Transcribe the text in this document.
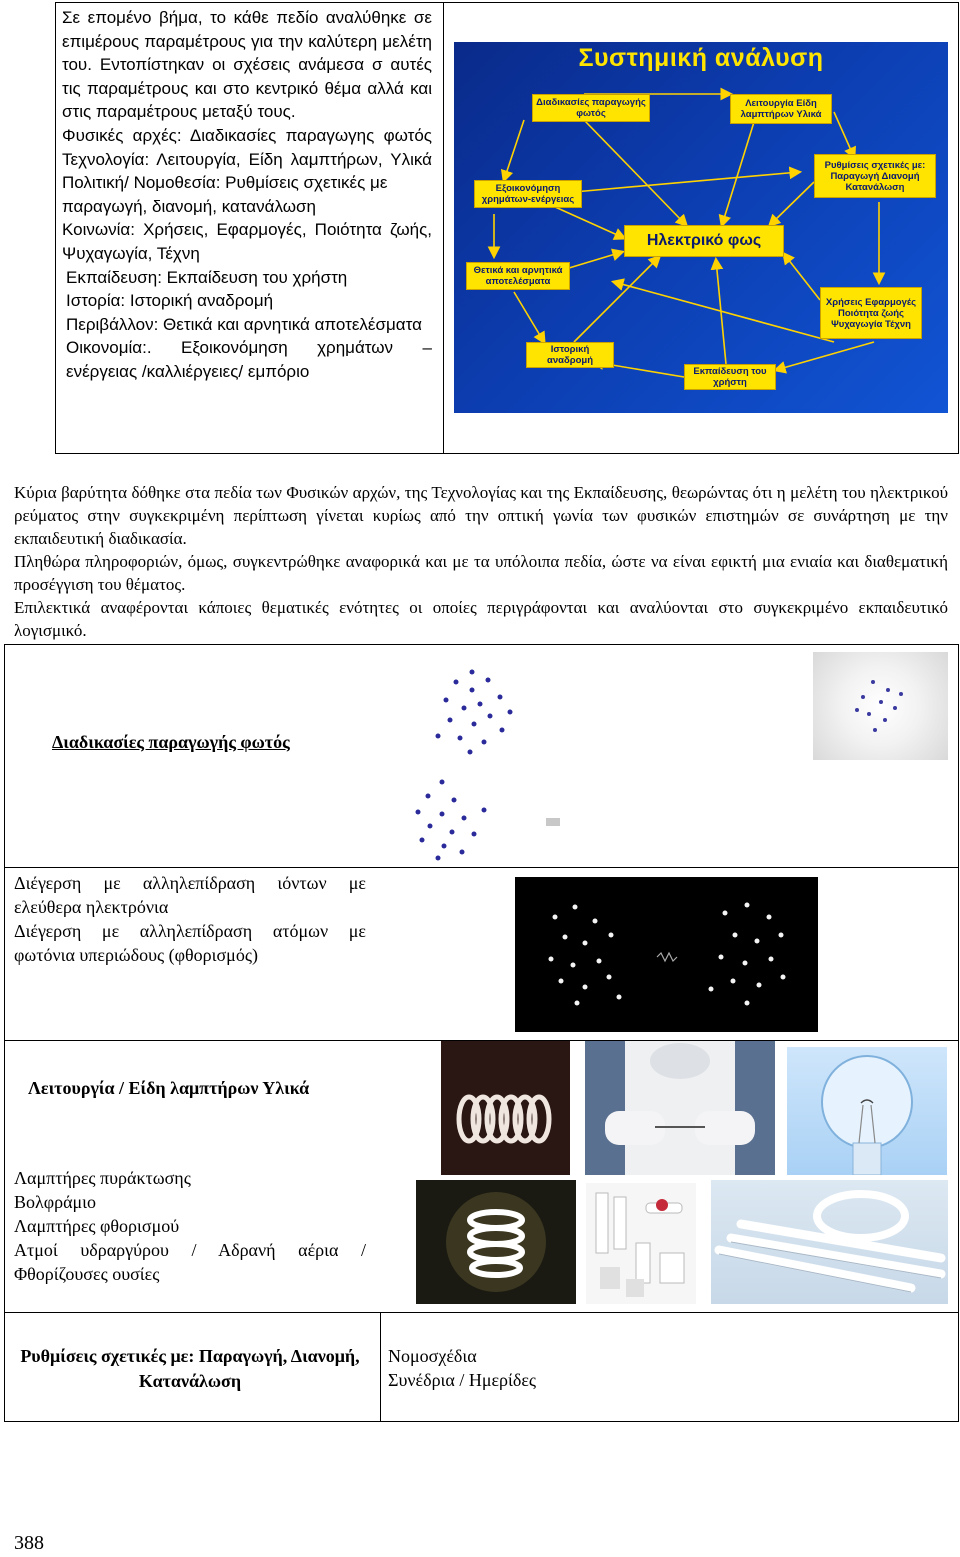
Σε επομένο βήμα, το κάθε πεδίο αναλύθηκε σε επιμέρους παραμέτρους για την καλύτερη μελέτη του. Εντοπίστηκαν οι σχέσεις ανάμεσα σ αυτές τις παραμέτρους και στο κεντρικό θέμα αλλά και στις παραμέτρους μεταξύ τους.

Φυσικές αρχές: Διαδικασίες παραγωγης φωτός Τεχνολογία: Λειτουργία, Είδη λαμπτήρων, Υλικά Πολιτική/ Νομοθεσία: Ρυθμίσεις σχετικές με

παραγωγή, διανομή, κατανάλωση

Κοινωνία: Χρήσεις, Εφαρμογές, Ποιότητα ζωής, Ψυχαγωγία, Τέχνη

Εκπαίδευση: Εκπαίδευση του χρήστη

Ιστορία: Ιστορική αναδρομή

Περιβάλλον: Θετικά και αρνητικά αποτελέσματα

Οικονομία:. Εξοικονόμηση χρημάτων – ενέργειας /καλλιέργειες/ εμπόριο

Συστημική ανάλυση
Διαδικασίες παραγωγής φωτός
Λειτουργία Είδη λαμπτήρων Υλικά
Ρυθμίσεις σχετικές με: Παραγωγή Διανομή Κατανάλωση
Εξοικονόμηση χρημάτων-ενέργειας
Ηλεκτρικό φως
Θετικά και αρνητικά αποτελέσματα
Χρήσεις Εφαρμογές Ποιότητα ζωής Ψυχαγωγία Τέχνη
Ιστορική αναδρομή
Εκπαίδευση του χρήστη

Κύρια βαρύτητα δόθηκε στα πεδία των Φυσικών αρχών, της Τεχνολογίας και της Εκπαίδευσης, θεωρώντας ότι η μελέτη του ηλεκτρικού ρεύματος στην συγκεκριμένη περίπτωση γίνεται κυρίως από την οπτική γωνία των φυσικών επιστημών σε συνάρτηση με την εκπαιδευτική διαδικασία.

Πληθώρα πληροφοριών, όμως, συγκεντρώθηκε αναφορικά και με τα υπόλοιπα πεδία, ώστε να είναι εφικτή μια ενιαία και διαθεματική προσέγγιση του θέματος.

Επιλεκτικά αναφέρονται κάποιες θεματικές ενότητες οι οποίες περιγράφονται και αναλύονται στο συγκεκριμένο εκπαιδευτικό λογισμικό.

Διαδικασίες παραγωγής φωτός
Διέγερση με αλληλεπίδραση ιόντων με ελεύθερα ηλεκτρόνια
Διέγερση με αλληλεπίδραση ατόμων με φωτόνια υπεριώδους (φθορισμός)
Λειτουργία / Είδη λαμπτήρων Υλικά
Λαμπτήρες πυράκτωσης
Βολφράμιο
Λαμπτήρες φθορισμού
Ατμοί υδραργύρου / Αδρανή αέρια / Φθορίζουσες ουσίες
Ρυθμίσεις σχετικές με: Παραγωγή, Διανομή, Κατανάλωση
Νομοσχέδια
Συνέδρια / Ημερίδες
388
